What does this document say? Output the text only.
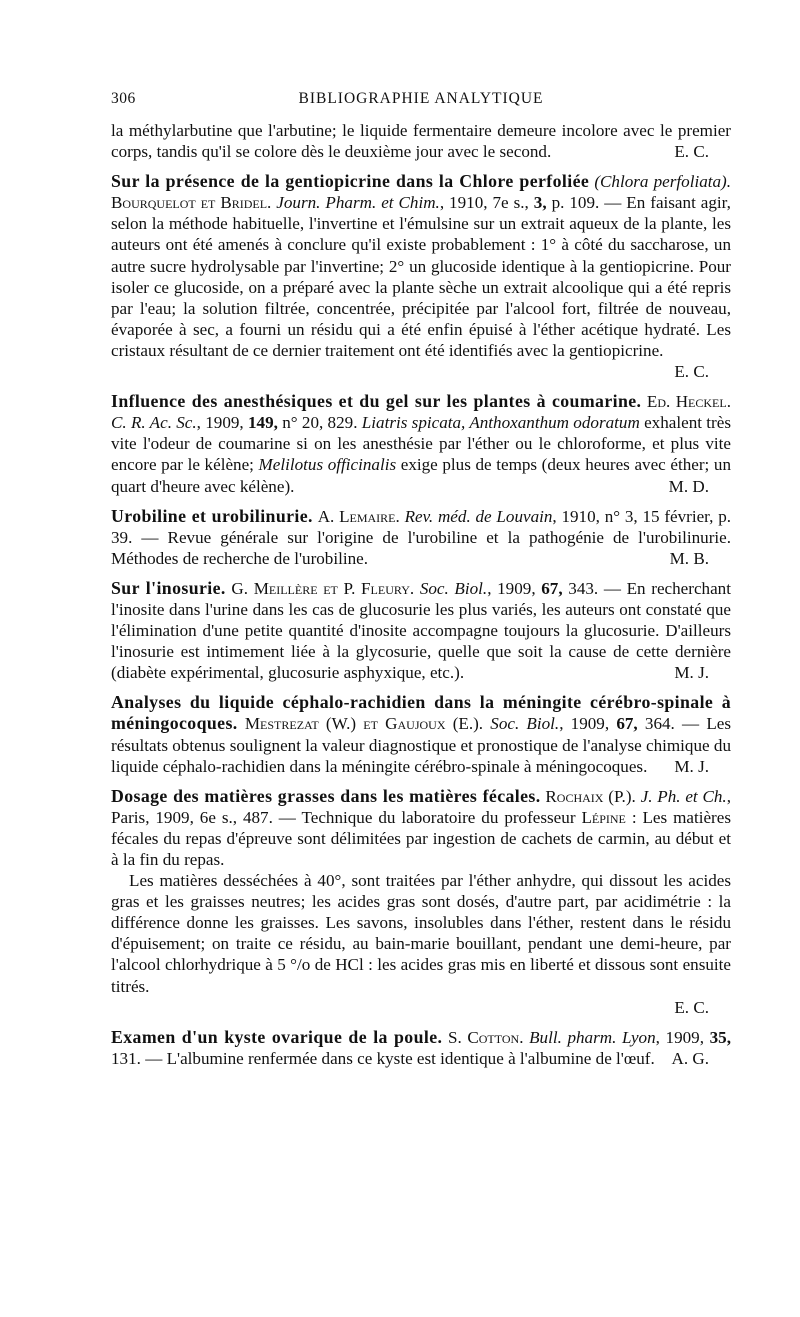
306	BIBLIOGRAPHIE ANALYTIQUE

la méthylarbutine que l'arbutine; le liquide fermentaire demeure incolore avec le premier corps, tandis qu'il se colore dès le deuxième jour avec le second.	E. C.

Sur la présence de la gentiopicrine dans la Chlore perfoliée (Chlora perfoliata). Bourquelot et Bridel. Journ. Pharm. et Chim., 1910, 7e s., 3, p. 109. — En faisant agir, selon la méthode habituelle, l'invertine et l'émulsine sur un extrait aqueux de la plante, les auteurs ont été amenés à conclure qu'il existe probablement : 1° à côté du saccharose, un autre sucre hydrolysable par l'invertine; 2° un glucoside identique à la gentiopicrine. Pour isoler ce glucoside, on a préparé avec la plante sèche un extrait alcoolique qui a été repris par l'eau; la solution filtrée, concentrée, précipitée par l'alcool fort, filtrée de nouveau, évaporée à sec, a fourni un résidu qui a été enfin épuisé à l'éther acétique hydraté. Les cristaux résultant de ce dernier traitement ont été identifiés avec la gentiopicrine.
E. C.

Influence des anesthésiques et du gel sur les plantes à coumarine. Ed. Heckel. C. R. Ac. Sc., 1909, 149, n° 20, 829. Liatris spicata, Anthoxanthum odoratum exhalent très vite l'odeur de coumarine si on les anesthésie par l'éther ou le chloroforme, et plus vite encore par le kélène; Melilotus officinalis exige plus de temps (deux heures avec éther; un quart d'heure avec kélène).	M. D.

Urobiline et urobilinurie. A. Lemaire. Rev. méd. de Louvain, 1910, n° 3, 15 février, p. 39. — Revue générale sur l'origine de l'urobiline et la pathogénie de l'urobilinurie. Méthodes de recherche de l'urobiline.	M. B.

Sur l'inosurie. G. Meillère et P. Fleury. Soc. Biol., 1909, 67, 343. — En recherchant l'inosite dans l'urine dans les cas de glucosurie les plus variés, les auteurs ont constaté que l'élimination d'une petite quantité d'inosite accompagne toujours la glucosurie. D'ailleurs l'inosurie est intimement liée à la glycosurie, quelle que soit la cause de cette dernière (diabète expérimental, glucosurie asphyxique, etc.).	M. J.

Analyses du liquide céphalo-rachidien dans la méningite cérébro-spinale à méningocoques. Mestrezat (W.) et Gaujoux (E.). Soc. Biol., 1909, 67, 364. — Les résultats obtenus soulignent la valeur diagnostique et pronostique de l'analyse chimique du liquide céphalo-rachidien dans la méningite cérébro-spinale à méningocoques. M. J.

Dosage des matières grasses dans les matières fécales. Rochaix (P.). J. Ph. et Ch., Paris, 1909, 6e s., 487. — Technique du laboratoire du professeur Lépine : Les matières fécales du repas d'épreuve sont délimitées par ingestion de cachets de carmin, au début et à la fin du repas.

Les matières desséchées à 40°, sont traitées par l'éther anhydre, qui dissout les acides gras et les graisses neutres; les acides gras sont dosés, d'autre part, par acidimétrie : la différence donne les graisses. Les savons, insolubles dans l'éther, restent dans le résidu d'épuisement; on traite ce résidu, au bain-marie bouillant, pendant une demi-heure, par l'alcool chlorhydrique à 5 °/o de HCl : les acides gras mis en liberté et dissous sont ensuite titrés.
E. C.

Examen d'un kyste ovarique de la poule. S. Cotton. Bull. pharm. Lyon, 1909, 35, 131. — L'albumine renfermée dans ce kyste est identique à l'albumine de l'œuf. A. G.
